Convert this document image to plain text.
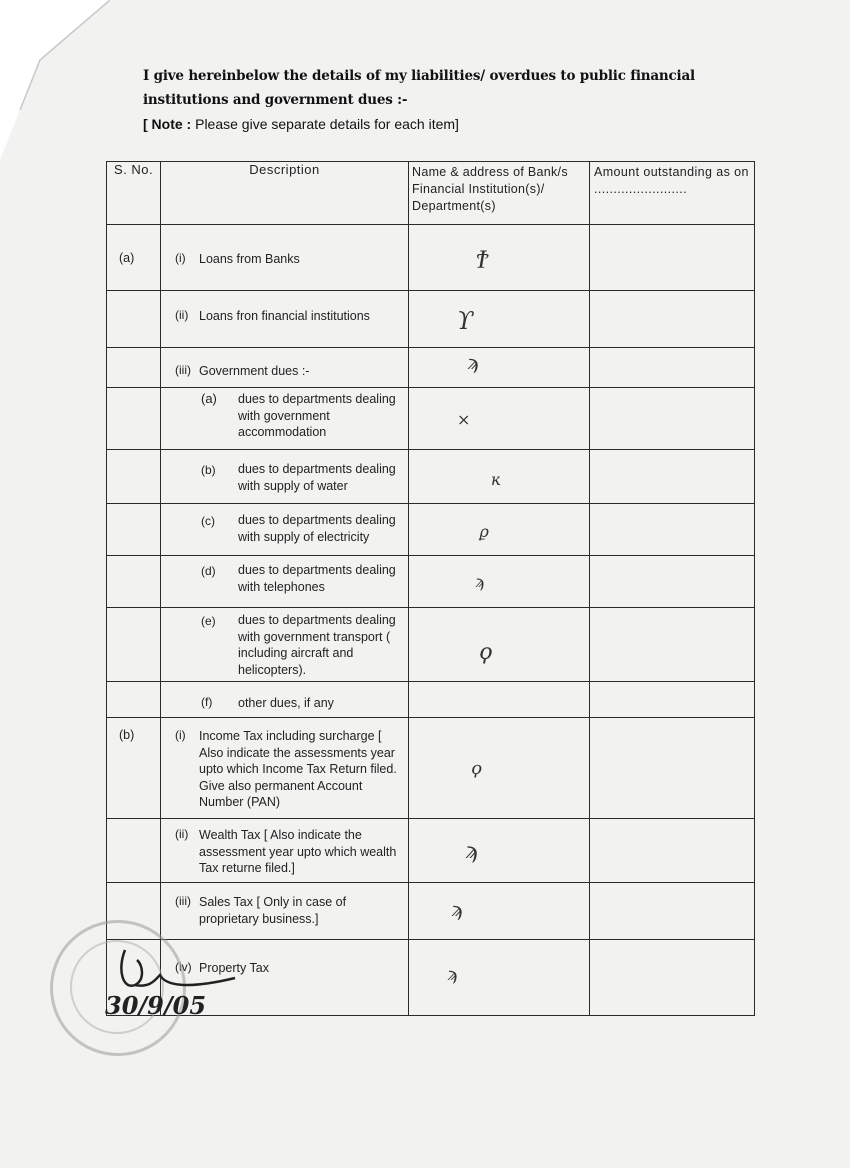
I give hereinbelow the details of my liabilities/ overdues to public financial institutions and government dues :-
[ Note : Please give separate details for each item]
S. No.	Description	Name & address of Bank/s Financial Institution(s)/ Department(s)	Amount outstanding as on ........................
(a)	(i) Loans from Banks	Ϯ	

	(ii) Loans fron financial institutions	ϒ	

	(iii) Government dues :-	ϡ	

	(a) dues to departments dealing with government accommodation	×	

	(b) dues to departments dealing with supply of water	ĸ	

	(c) dues to departments dealing with supply of electricity	ϼ	

	(d) dues to departments dealing with telephones	ϡ	

	(e) dues to departments dealing with government transport ( including aircraft and helicopters).	ϙ	

	(f) other dues, if any		

(b)	(i) Income Tax including surcharge [ Also indicate the assessments year upto which Income Tax Return filed. Give also permanent Account Number (PAN)	ϙ	

	(ii) Wealth Tax [ Also indicate the assessment year upto which wealth Tax returne filed.]	ϡ	

	(iii) Sales Tax [ Only in case of proprietary business.]	ϡ	

	(iv) Property Tax	ϡ	

30/9/05
